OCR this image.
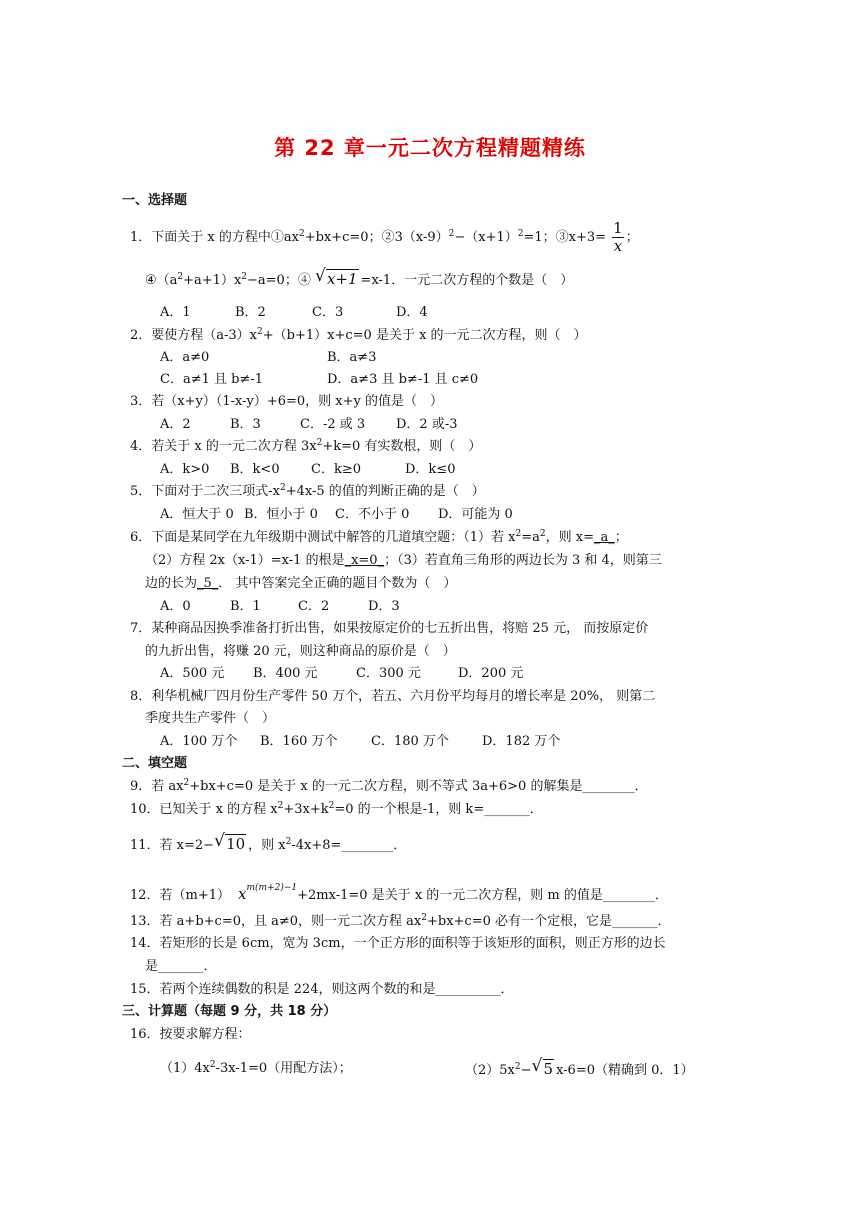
第 22 章一元二次方程精题精练
一、选择题
1．下面关于 x 的方程中$①ax^2+bx+c=0$；$②3(x-9)^2-(x+1)^2=1$；③x+3= $\frac{1}{x}$ ；
$④(a^2+a+1)x^2-a=0$；④ √ x+1 =x-1．一元二次方程的个数是（　）
A．1	B．2	C．3	D．4
2．要使方程$(a-3)x^2+(b+1)x+c=0$ 是关于 x 的一元二次方程，则（　）
A．a≠0	B．a≠3
C．a≠1 且 b≠-1	D．a≠3 且 b≠-1 且 c≠0
3．若（x+y）（1-x-y）+6=0，则 x+y 的值是（　）
A．2	B．3	C．-2 或 3 D．2 或-3
4．若关于 x 的一元二次方程 $3x^2+k=0$ 有实数根，则（　）
A．k>0 B．k<0 C．k≥0	D．k≤0
5．下面对于二次三项式$-x^2+4x-5$ 的值的判断正确的是（　）
A．恒大于 0 B．恒小于 0 C．不小于 0 D．可能为 0
6．下面是某同学在九年级期中测试中解答的几道填空题：（1）若 $x^2=a^2$，则 x=_a_；
（2）方程 2x（x-1）=x-1 的根是_x=0_；（3）若直角三角形的两边长为 3 和 4，则第三
边的长为_5_． 其中答案完全正确的题目个数为（　）
A．0	B．1	C．2	D．3
7．某种商品因换季准备打折出售，如果按原定价的七五折出售，将赔 25 元， 而按原定价
的九折出售，将赚 20 元，则这种商品的原价是（　）
A．500 元 B．400 元	C．300 元	D．200 元
8．利华机械厂四月份生产零件 50 万个，若五、六月份平均每月的增长率是 20%， 则第二
季度共生产零件（　）
A．100 万个 B．160 万个	C．180 万个	D．182 万个
二、填空题
9．若 $ax^2+bx+c=0$ 是关于 x 的一元二次方程，则不等式 3a+6>0 的解集是________．
10．已知关于 x 的方程 $x^2+3x+k^2=0$ 的一个根是-1，则 k=_______．
11．若 x=2− √ 10 ，则 $x^2-4x+8=\_\_\_\_\_\_\_\_$．
12．若（m+1） $x^{m(m+2)-1}+2mx-1=0$ 是关于 x 的一元二次方程，则 m 的值是________．
13．若 a+b+c=0，且 a≠0，则一元二次方程 $ax^2+bx+c=0$ 必有一个定根，它是_______．
14．若矩形的长是 6cm，宽为 3cm，一个正方形的面积等于该矩形的面积，则正方形的边长
是_______．
15．若两个连续偶数的积是 224，则这两个数的和是__________．
三、计算题（每题 9 分，共 18 分）
16．按要求解方程：
$(1)4x^2-3x-1=0$（用配方法）；	$(2)5x^2-$ √ 5 x-6=0（精确到 0．1）
